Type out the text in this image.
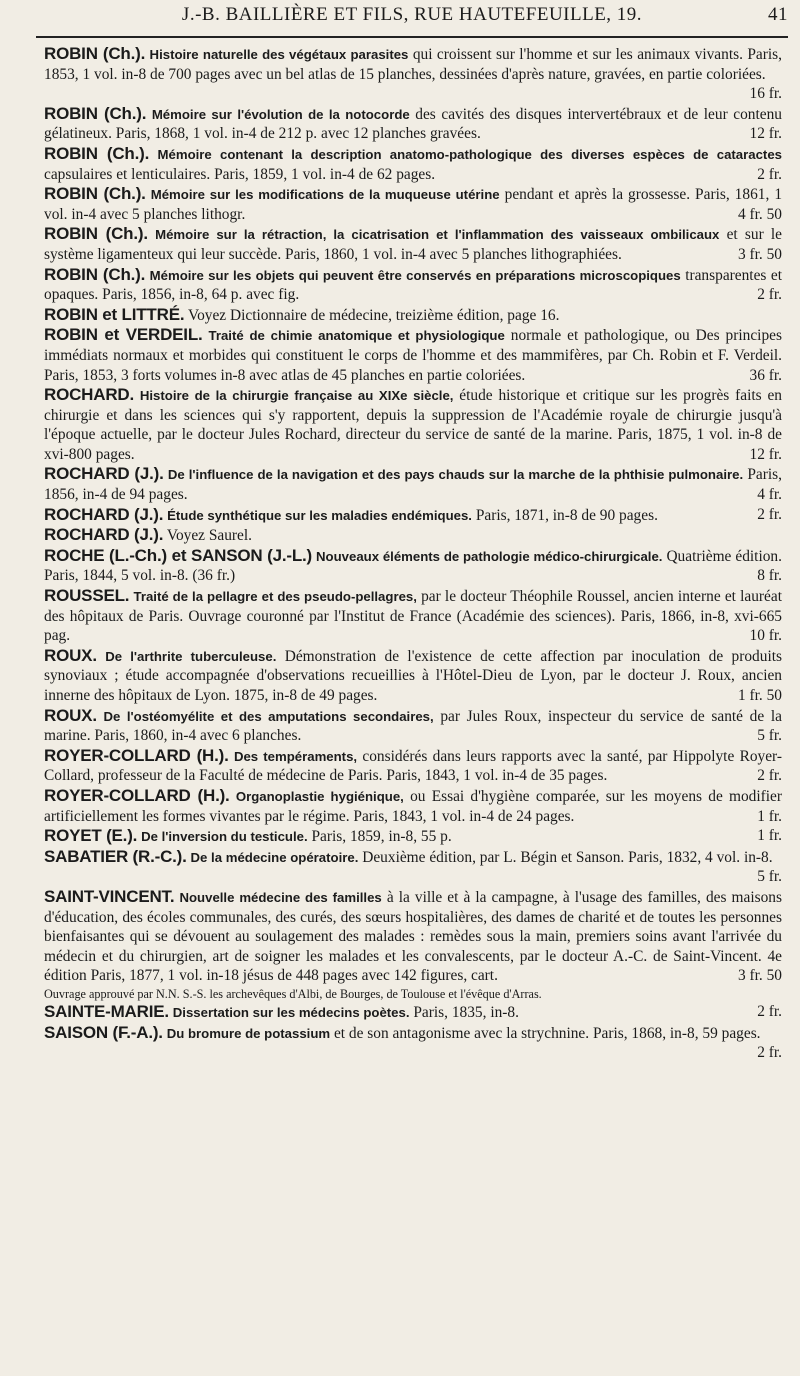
J.-B. BAILLIÈRE ET FILS, RUE HAUTEFEUILLE, 19.	41

ROBIN (Ch.). Histoire naturelle des végétaux parasites qui croissent sur l'homme et sur les animaux vivants. Paris, 1853, 1 vol. in-8 de 700 pages avec un bel atlas de 15 planches, dessinées d'après nature, gravées, en partie coloriées.
16 fr.

ROBIN (Ch.). Mémoire sur l'évolution de la notocorde des cavités des disques intervertébraux et de leur contenu gélatineux. Paris, 1868, 1 vol. in-4 de 212 p. avec 12 planches gravées.	12 fr.

ROBIN (Ch.). Mémoire contenant la description anatomo-pathologique des diverses espèces de cataractes capsulaires et lenticulaires. Paris, 1859, 1 vol. in-4 de 62 pages.	2 fr.

ROBIN (Ch.). Mémoire sur les modifications de la muqueuse utérine pendant et après la grossesse. Paris, 1861, 1 vol. in-4 avec 5 planches lithogr.	4 fr. 50

ROBIN (Ch.). Mémoire sur la rétraction, la cicatrisation et l'inflammation des vaisseaux ombilicaux et sur le système ligamenteux qui leur succède. Paris, 1860, 1 vol. in-4 avec 5 planches lithographiées.	3 fr. 50

ROBIN (Ch.). Mémoire sur les objets qui peuvent être conservés en préparations microscopiques transparentes et opaques. Paris, 1856, in-8, 64 p. avec fig.	2 fr.

ROBIN et LITTRÉ. Voyez Dictionnaire de médecine, treizième édition, page 16.

ROBIN et VERDEIL. Traité de chimie anatomique et physiologique normale et pathologique, ou Des principes immédiats normaux et morbides qui constituent le corps de l'homme et des mammifères, par Ch. Robin et F. Verdeil. Paris, 1853, 3 forts volumes in-8 avec atlas de 45 planches en partie coloriées.	36 fr.

ROCHARD. Histoire de la chirurgie française au XIXe siècle, étude historique et critique sur les progrès faits en chirurgie et dans les sciences qui s'y rapportent, depuis la suppression de l'Académie royale de chirurgie jusqu'à l'époque actuelle, par le docteur Jules Rochard, directeur du service de santé de la marine. Paris, 1875, 1 vol. in-8 de xvi-800 pages.	12 fr.

ROCHARD (J.). De l'influence de la navigation et des pays chauds sur la marche de la phthisie pulmonaire. Paris, 1856, in-4 de 94 pages.	4 fr.

ROCHARD (J.). Étude synthétique sur les maladies endémiques. Paris, 1871, in-8 de 90 pages.	2 fr.

ROCHARD (J.). Voyez Saurel.

ROCHE (L.-Ch.) et SANSON (J.-L.) Nouveaux éléments de pathologie médico-chirurgicale. Quatrième édition. Paris, 1844, 5 vol. in-8. (36 fr.)	8 fr.

ROUSSEL. Traité de la pellagre et des pseudo-pellagres, par le docteur Théophile Roussel, ancien interne et lauréat des hôpitaux de Paris. Ouvrage couronné par l'Institut de France (Académie des sciences). Paris, 1866, in-8, xvi-665 pag.	10 fr.

ROUX. De l'arthrite tuberculeuse. Démonstration de l'existence de cette affection par inoculation de produits synoviaux ; étude accompagnée d'observations recueillies à l'Hôtel-Dieu de Lyon, par le docteur J. Roux, ancien innerne des hôpitaux de Lyon. 1875, in-8 de 49 pages.	1 fr. 50

ROUX. De l'ostéomyélite et des amputations secondaires, par Jules Roux, inspecteur du service de santé de la marine. Paris, 1860, in-4 avec 6 planches.	5 fr.

ROYER-COLLARD (H.). Des tempéraments, considérés dans leurs rapports avec la santé, par Hippolyte Royer-Collard, professeur de la Faculté de médecine de Paris. Paris, 1843, 1 vol. in-4 de 35 pages.	2 fr.

ROYER-COLLARD (H.). Organoplastie hygiénique, ou Essai d'hygiène comparée, sur les moyens de modifier artificiellement les formes vivantes par le régime. Paris, 1843, 1 vol. in-4 de 24 pages.	1 fr.

ROYET (E.). De l'inversion du testicule. Paris, 1859, in-8, 55 p.	1 fr.

SABATIER (R.-C.). De la médecine opératoire. Deuxième édition, par L. Bégin et Sanson. Paris, 1832, 4 vol. in-8.
5 fr.

SAINT-VINCENT. Nouvelle médecine des familles à la ville et à la campagne, à l'usage des familles, des maisons d'éducation, des écoles communales, des curés, des sœurs hospitalières, des dames de charité et de toutes les personnes bienfaisantes qui se dévouent au soulagement des malades : remèdes sous la main, premiers soins avant l'arrivée du médecin et du chirurgien, art de soigner les malades et les convalescents, par le docteur A.-C. de Saint-Vincent. 4e édition Paris, 1877, 1 vol. in-18 jésus de 448 pages avec 142 figures, cart.	3 fr. 50

Ouvrage approuvé par N.N. S.-S. les archevêques d'Albi, de Bourges, de Toulouse et l'évêque d'Arras.

SAINTE-MARIE. Dissertation sur les médecins poètes. Paris, 1835, in-8.	2 fr.

SAISON (F.-A.). Du bromure de potassium et de son antagonisme avec la strychnine. Paris, 1868, in-8, 59 pages.
2 fr.
